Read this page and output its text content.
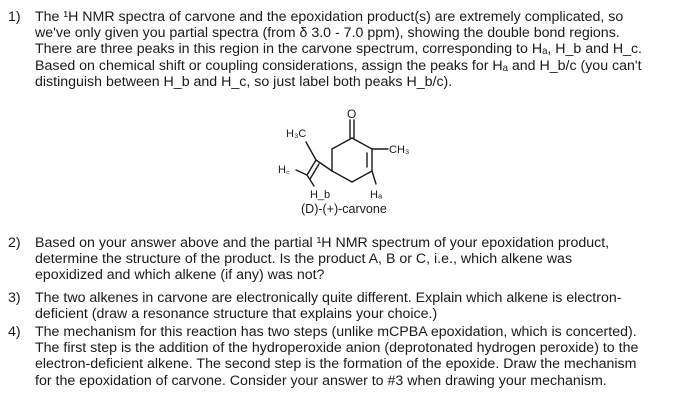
1) The ¹H NMR spectra of carvone and the epoxidation product(s) are extremely complicated, so
we've only given you partial spectra (from δ 3.0 - 7.0 ppm), showing the double bond regions.
There are three peaks in this region in the carvone spectrum, corresponding to Hₐ, H_b and H_c.
Based on chemical shift or coupling considerations, assign the peaks for Hₐ and H_b/c (you can't
distinguish between H_b and H_c, so just label both peaks H_b/c).
O
H₃C
CH₃
H꜀
H_b	Hₐ
(D)-(+)-carvone
2) Based on your answer above and the partial ¹H NMR spectrum of your epoxidation product,
determine the structure of the product. Is the product A, B or C, i.e., which alkene was
epoxidized and which alkene (if any) was not?
3) The two alkenes in carvone are electronically quite different. Explain which alkene is electron-
deficient (draw a resonance structure that explains your choice.)
4) The mechanism for this reaction has two steps (unlike mCPBA epoxidation, which is concerted).
The first step is the addition of the hydroperoxide anion (deprotonated hydrogen peroxide) to the
electron-deficient alkene. The second step is the formation of the epoxide. Draw the mechanism
for the epoxidation of carvone. Consider your answer to #3 when drawing your mechanism.
